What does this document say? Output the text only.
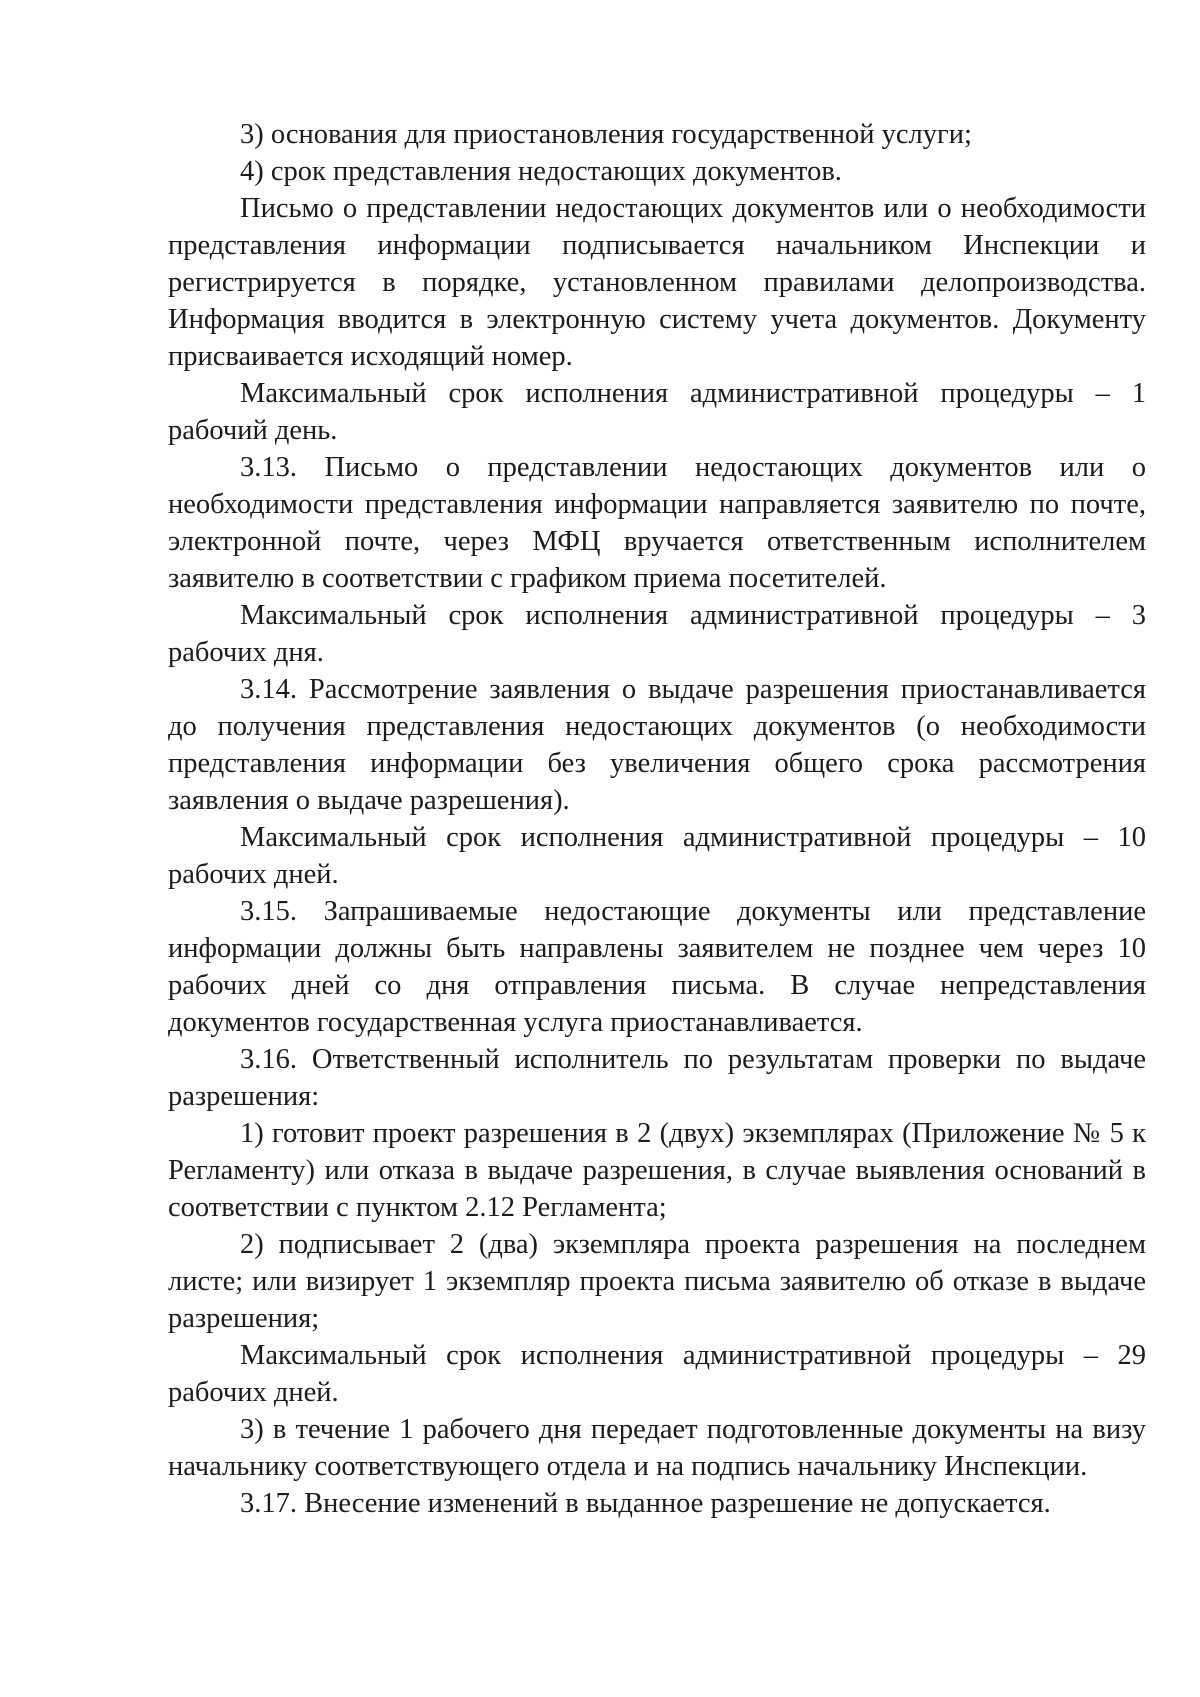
3) основания для приостановления государственной услуги;

4) срок представления недостающих документов.

Письмо о представлении недостающих документов или о необходимости представления информации подписывается начальником Инспекции и регистрируется в порядке, установленном правилами делопроизводства. Информация вводится в электронную систему учета документов. Документу присваивается исходящий номер.

Максимальный срок исполнения административной процедуры – 1 рабочий день.

3.13. Письмо о представлении недостающих документов или о необходимости представления информации направляется заявителю по почте, электронной почте, через МФЦ вручается ответственным исполнителем заявителю в соответствии с графиком приема посетителей.

Максимальный срок исполнения административной процедуры – 3 рабочих дня.

3.14. Рассмотрение заявления о выдаче разрешения приостанавливается до получения представления недостающих документов (о необходимости представления информации без увеличения общего срока рассмотрения заявления о выдаче разрешения).

Максимальный срок исполнения административной процедуры – 10 рабочих дней.

3.15. Запрашиваемые недостающие документы или представление информации должны быть направлены заявителем не позднее чем через 10 рабочих дней со дня отправления письма. В случае непредставления документов государственная услуга приостанавливается.

3.16. Ответственный исполнитель по результатам проверки по выдаче разрешения:

1) готовит проект разрешения в 2 (двух) экземплярах (Приложение № 5 к Регламенту) или отказа в выдаче разрешения, в случае выявления оснований в соответствии с пунктом 2.12 Регламента;

2) подписывает 2 (два) экземпляра проекта разрешения на последнем листе; или визирует 1 экземпляр проекта письма заявителю об отказе в выдаче разрешения;

Максимальный срок исполнения административной процедуры – 29 рабочих дней.

3) в течение 1 рабочего дня передает подготовленные документы на визу начальнику соответствующего отдела и на подпись начальнику Инспекции.

3.17. Внесение изменений в выданное разрешение не допускается.
